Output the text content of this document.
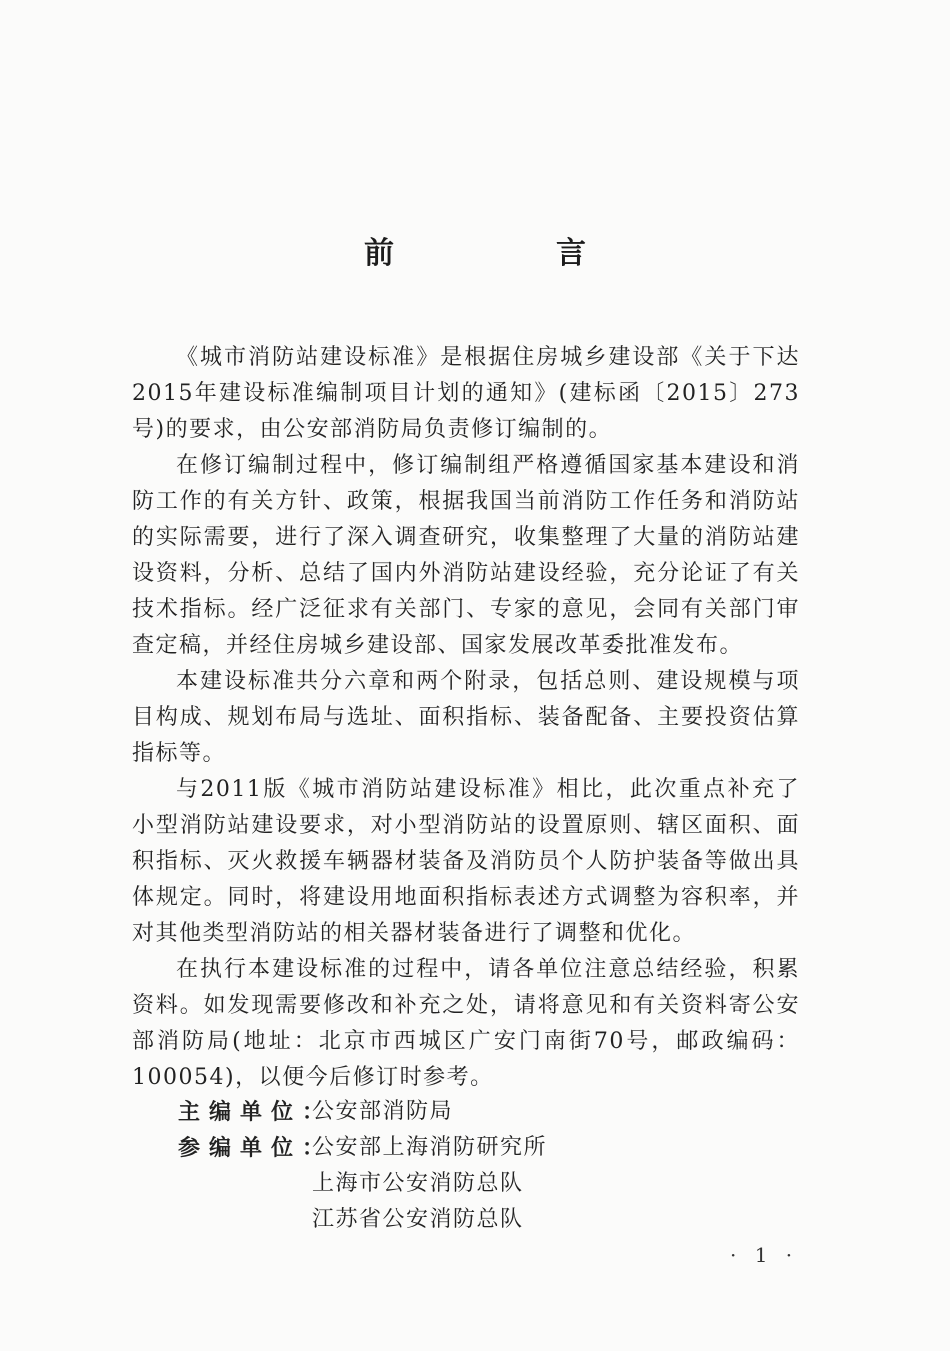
前　言

《城市消防站建设标准》是根据住房城乡建设部《关于下达2015年建设标准编制项目计划的通知》(建标函〔2015〕273号)的要求，由公安部消防局负责修订编制的。

在修订编制过程中，修订编制组严格遵循国家基本建设和消防工作的有关方针、政策，根据我国当前消防工作任务和消防站的实际需要，进行了深入调查研究，收集整理了大量的消防站建设资料，分析、总结了国内外消防站建设经验，充分论证了有关技术指标。经广泛征求有关部门、专家的意见，会同有关部门审查定稿，并经住房城乡建设部、国家发展改革委批准发布。

本建设标准共分六章和两个附录，包括总则、建设规模与项目构成、规划布局与选址、面积指标、装备配备、主要投资估算指标等。

与2011版《城市消防站建设标准》相比，此次重点补充了小型消防站建设要求，对小型消防站的设置原则、辖区面积、面积指标、灭火救援车辆器材装备及消防员个人防护装备等做出具体规定。同时，将建设用地面积指标表述方式调整为容积率，并对其他类型消防站的相关器材装备进行了调整和优化。

在执行本建设标准的过程中，请各单位注意总结经验，积累资料。如发现需要修改和补充之处，请将意见和有关资料寄公安部消防局(地址：北京市西城区广安门南街70号，邮政编码：100054)，以便今后修订时参考。

主编单位：
公安部消防局
参编单位：
公安部上海消防研究所
上海市公安消防总队
江苏省公安消防总队
· 1 ·
